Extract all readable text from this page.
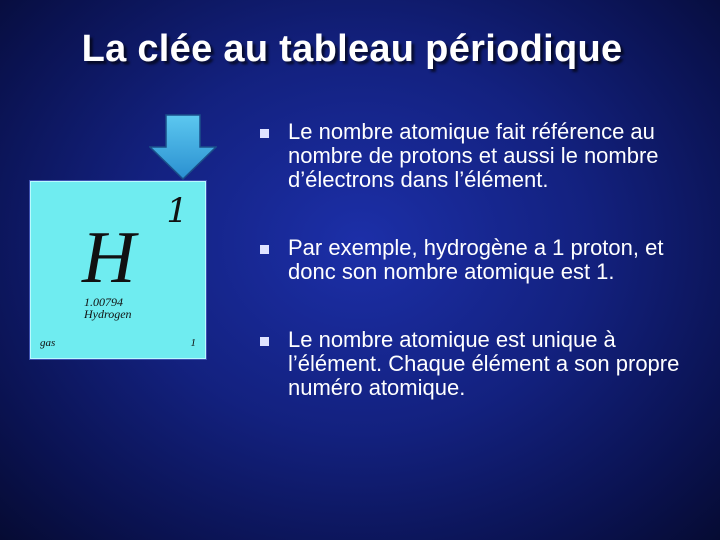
La clée au tableau périodique
1
H
1.00794
Hydrogen
gas	1
Le nombre atomique fait référence au nombre de protons et aussi le nombre d’électrons dans l’élément.
Par exemple, hydrogène a 1 proton, et donc son nombre atomique est 1.
Le nombre atomique est unique à l’élément. Chaque élément a son propre numéro atomique.
